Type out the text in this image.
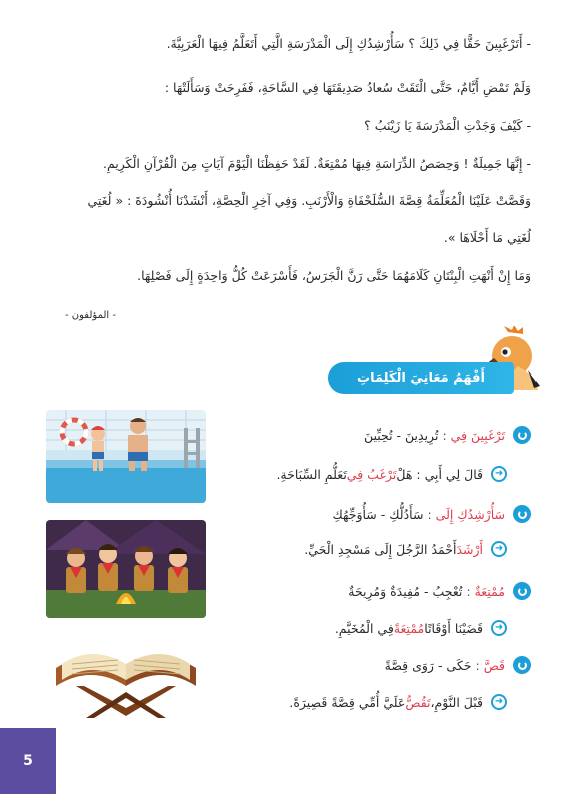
- أَتَرْغَبِينَ حَقًّا فِي ذَلِكَ ؟ سَأُرْشِدُكِ إِلَى الْمَدْرَسَةِ الَّتِي أَتَعَلَّمُ فِيهَا الْعَرَبِيَّةَ.

وَلَمْ تَمْضِ أَيَّامٌ، حَتَّى الْتَقَتْ سُعادُ صَدِيقَتَهَا فِي السَّاحَةِ، فَفَرِحَتْ وَسَأَلَتْهَا :

- كَيْفَ وَجَدْتِ الْمَدْرَسَةَ يَا زَيْنَبُ ؟

- إِنَّهَا جَمِيلَةٌ ! وَحِصَصُ الدِّرَاسَةِ فِيهَا مُمْتِعَةٌ. لَقَدْ حَفِظْنَا الْيَوْمَ آيَاتٍ مِنَ الْقُرْآنِ الْكَرِيمِ.

وَقَصَّتْ عَلَيْنَا الْمُعَلِّمَةُ قِصَّةَ السُّلَحْفَاةِ وَالْأَرْنَبِ. وَفِي آخِرِ الْحِصَّةِ، أَنْشَدْنَا أُنْشُودَةَ : « لُغَتِي

لُغَتِي مَا أَحْلَاهَا ».

وَمَا إِنْ أَنْهَتِ الْبِنْتَانِ كَلَامَهُمَا حَتَّى رَنَّ الْجَرَسُ، فَأَسْرَعَتْ كُلُّ وَاحِدَةٍ إِلَى فَصْلِهَا.

- المؤلفون -
أَفْهَمُ مَعَانِيَ الْكَلِمَاتِ
تَرْغَبِينَ فِي
:
تُرِيدِينَ - تُحِبِّينَ
➜
قَالَ لِي أَبِي : هَلْ
تَرْغَبُ فِي
تَعَلُّمِ السِّبَاحَةِ.
سَأُرْشِدُكِ إِلَى
:
سَأَدُلُّكِ - سَأُوَجِّهُكِ
➜
أَرْشَدَ
أَحْمَدُ الرَّجُلَ إِلَى مَسْجِدِ الْحَيِّ.
مُمْتِعَةٌ
:
تُعْجِبُ - مُفِيدَةٌ وَمُرِيحَةٌ
➜
قَضَيْنَا أَوْقَاتًا
مُمْتِعَةً
فِي الْمُخَيَّمِ.
قَصَّ
:
حَكَى - رَوَى قِصَّةً
➜
قَبْلَ النَّوْمِ،
تَقُصُّ
عَلَيَّ أُمِّي قِصَّةً قَصِيرَةً.
5
